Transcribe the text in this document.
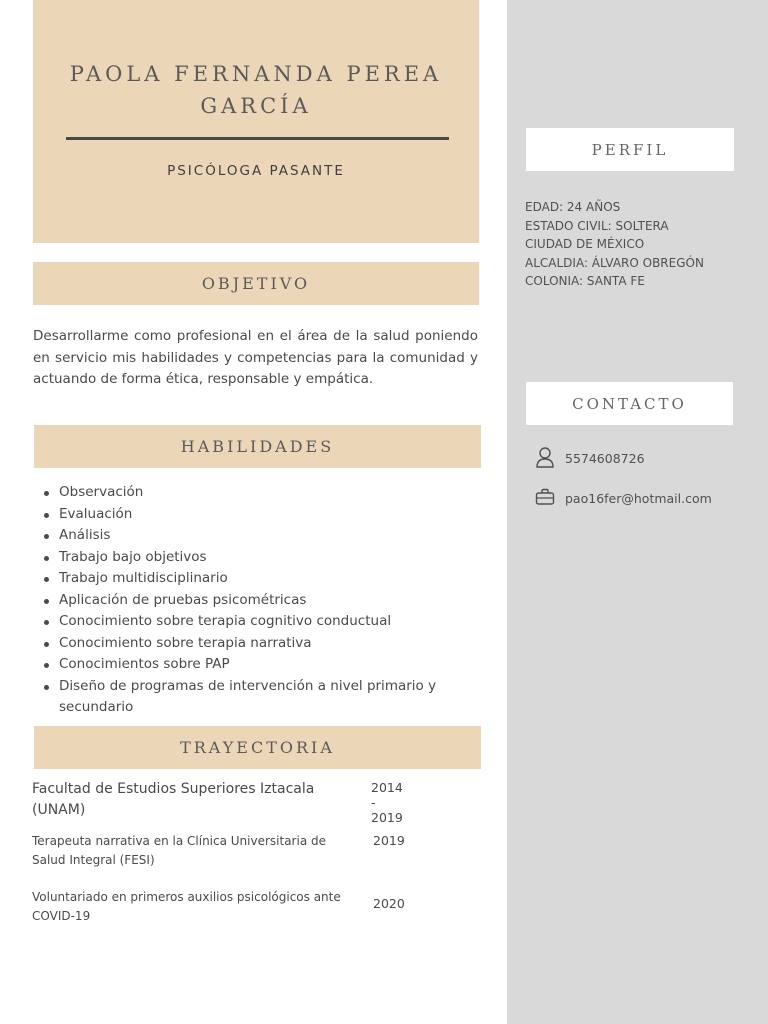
PAOLA FERNANDA PEREA
GARCÍA
PSICÓLOGA PASANTE
OBJETIVO
Desarrollarme como profesional en el área de la salud poniendo en servicio mis habilidades y competencias para la comunidad y actuando de forma ética, responsable y empática.
HABILIDADES
Observación
Evaluación
Análisis
Trabajo bajo objetivos
Trabajo multidisciplinario
Aplicación de pruebas psicométricas
Conocimiento sobre terapia cognitivo conductual
Conocimiento sobre terapia narrativa
Conocimientos sobre PAP
Diseño de programas de intervención a nivel primario y secundario
TRAYECTORIA
Facultad de Estudios Superiores Iztacala (UNAM)
2014 - 2019
Terapeuta narrativa en la Clínica Universitaria de Salud Integral (FESI)
2019
Voluntariado en primeros auxilios psicológicos ante COVID-19
2020
PERFIL
EDAD: 24 AÑOS
ESTADO CIVIL: SOLTERA
CIUDAD DE MÉXICO
ALCALDIA: ÁLVARO OBREGÓN
COLONIA: SANTA FE
CONTACTO
5574608726
pao16fer@hotmail.com
